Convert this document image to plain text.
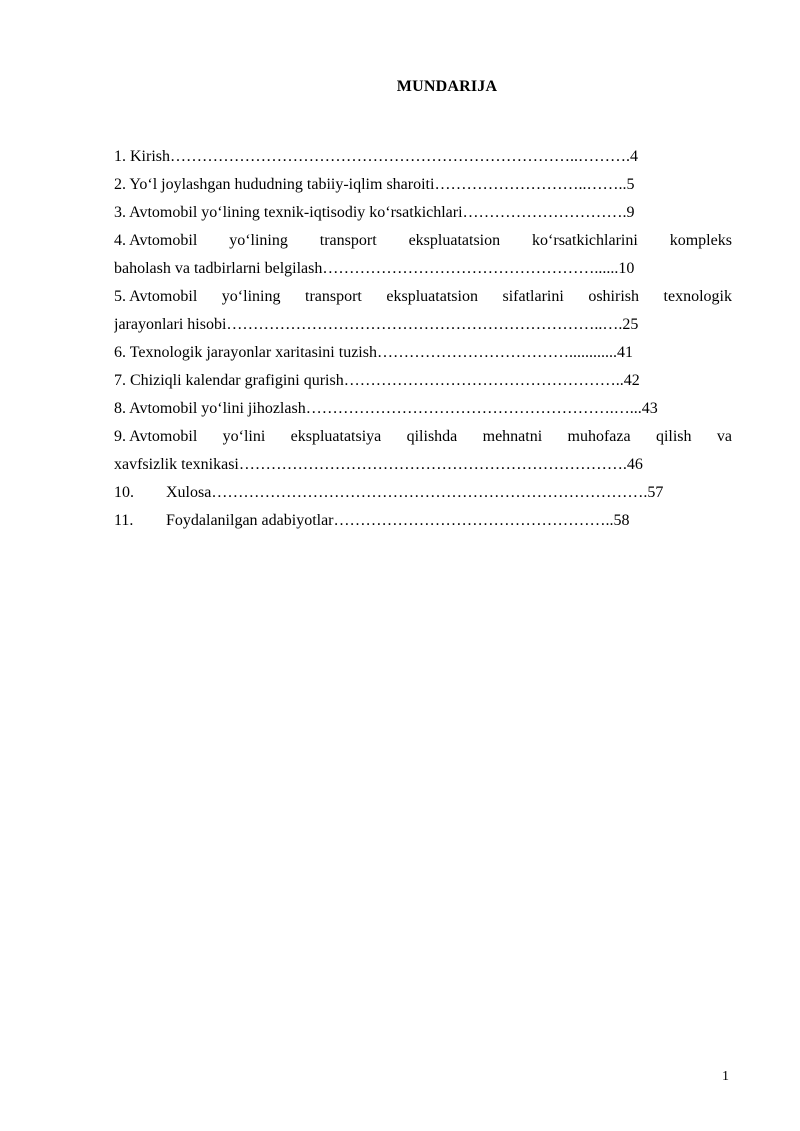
MUNDARIJA
1. Kirish…………………………………………………………………..……….4
2. Yo‘l joylashgan hududning tabiiy-iqlim sharoiti………………………..……..5
3. Avtomobil yo‘lining texnik-iqtisodiy ko‘rsatkichlari………………………….9
4. Avtomobil yo‘lining transport ekspluatatsion ko‘rsatkichlarini kompleks
baholash va tadbirlarni belgilash……………………………………………......10
5. Avtomobil yo‘lining transport ekspluatatsion sifatlarini oshirish texnologik
jarayonlari hisobi……………………………………………………………..….25
6. Texnologik jarayonlar xaritasini tuzish………………………………............41
7. Chiziqli kalendar grafigini qurish……………………………………………..42
8. Avtomobil yo‘lini jihozlash………………………………………………….…...43
9. Avtomobil yo‘lini ekspluatatsiya qilishda mehnatni muhofaza qilish va
xavfsizlik texnikasi……………………………………………………………….46
10. Xulosa……………………………………………………………………….57
11. Foydalanilgan adabiyotlar……………………………………………..58
1
